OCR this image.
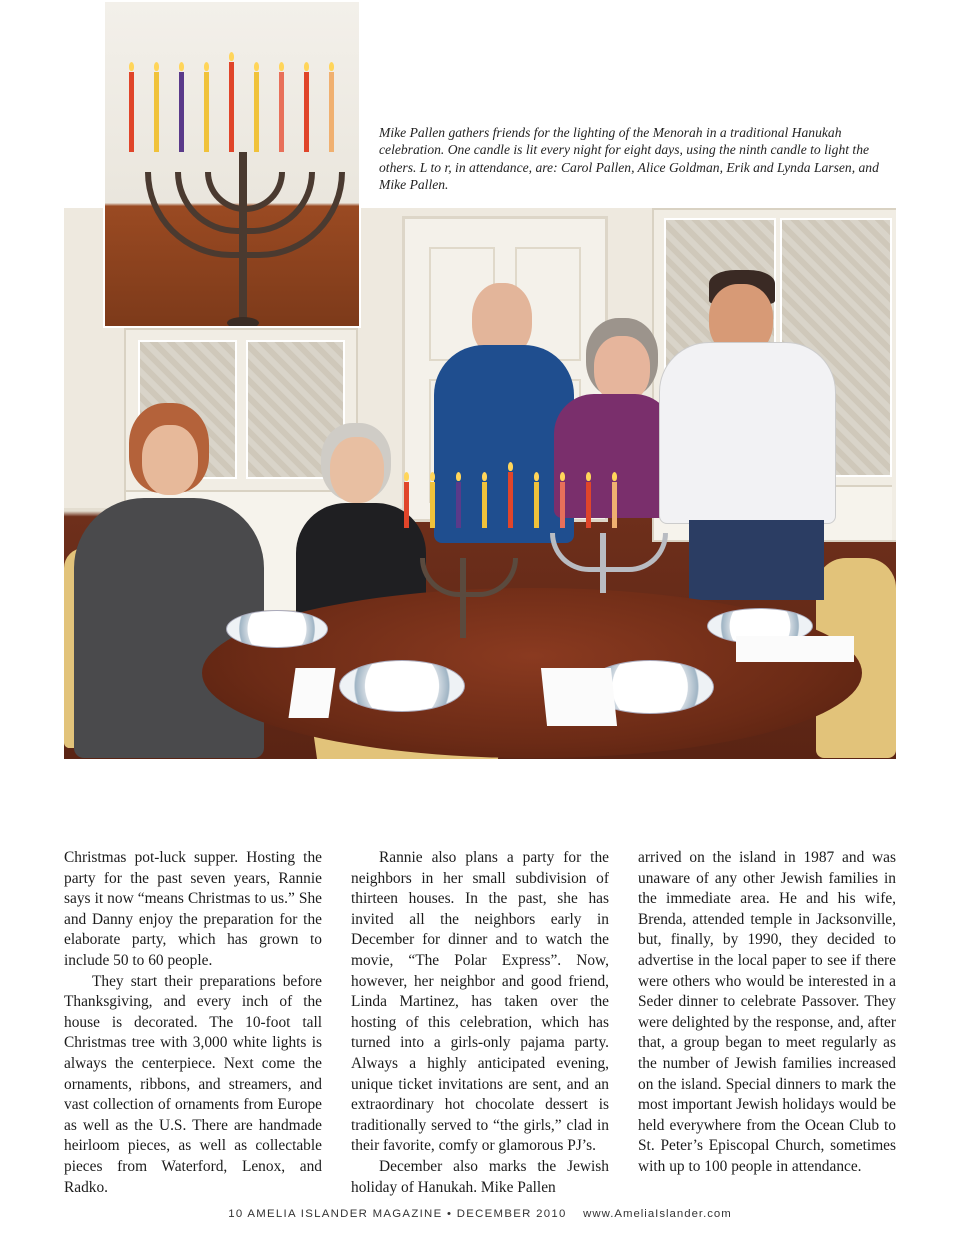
Mike Pallen gathers friends for the lighting of the Menorah in a traditional Hanukah celebration. One candle is lit every night for eight days, using the ninth candle to light the others. L to r, in attendance, are: Carol Pallen, Alice Goldman, Erik and Lynda Larsen, and Mike Pallen.

Christmas pot-luck supper. Hosting the party for the past seven years, Rannie says it now “means Christmas to us.” She and Danny enjoy the preparation for the elaborate party, which has grown to include 50 to 60 people.

They start their preparations before Thanksgiving, and every inch of the house is decorated. The 10-foot tall Christmas tree with 3,000 white lights is always the centerpiece. Next come the ornaments, ribbons, and streamers, and vast collection of ornaments from Europe as well as the U.S. There are handmade heirloom pieces, as well as collectable pieces from Waterford, Lenox, and Radko.

Rannie also plans a party for the neighbors in her small subdivision of thirteen houses. In the past, she has invited all the neighbors early in December for dinner and to watch the movie, “The Polar Express”. Now, however, her neighbor and good friend, Linda Martinez, has taken over the hosting of this celebration, which has turned into a girls-only pajama party. Always a highly anticipated evening, unique ticket invitations are sent, and an extraordinary hot chocolate dessert is traditionally served to “the girls,” clad in their favorite, comfy or glamorous PJ’s.

December also marks the Jewish holiday of Hanukah. Mike Pallen

arrived on the island in 1987 and was unaware of any other Jewish families in the immediate area. He and his wife, Brenda, attended temple in Jacksonville, but, finally, by 1990, they decided to advertise in the local paper to see if there were others who would be interested in a Seder dinner to celebrate Passover. They were delighted by the response, and, after that, a group began to meet regularly as the number of Jewish families increased on the island. Special dinners to mark the most important Jewish holidays would be held everywhere from the Ocean Club to St. Peter’s Episcopal Church, sometimes with up to 100 people in attendance.

10 AMELIA ISLANDER MAGAZINE • DECEMBER 2010 www.AmeliaIslander.com
